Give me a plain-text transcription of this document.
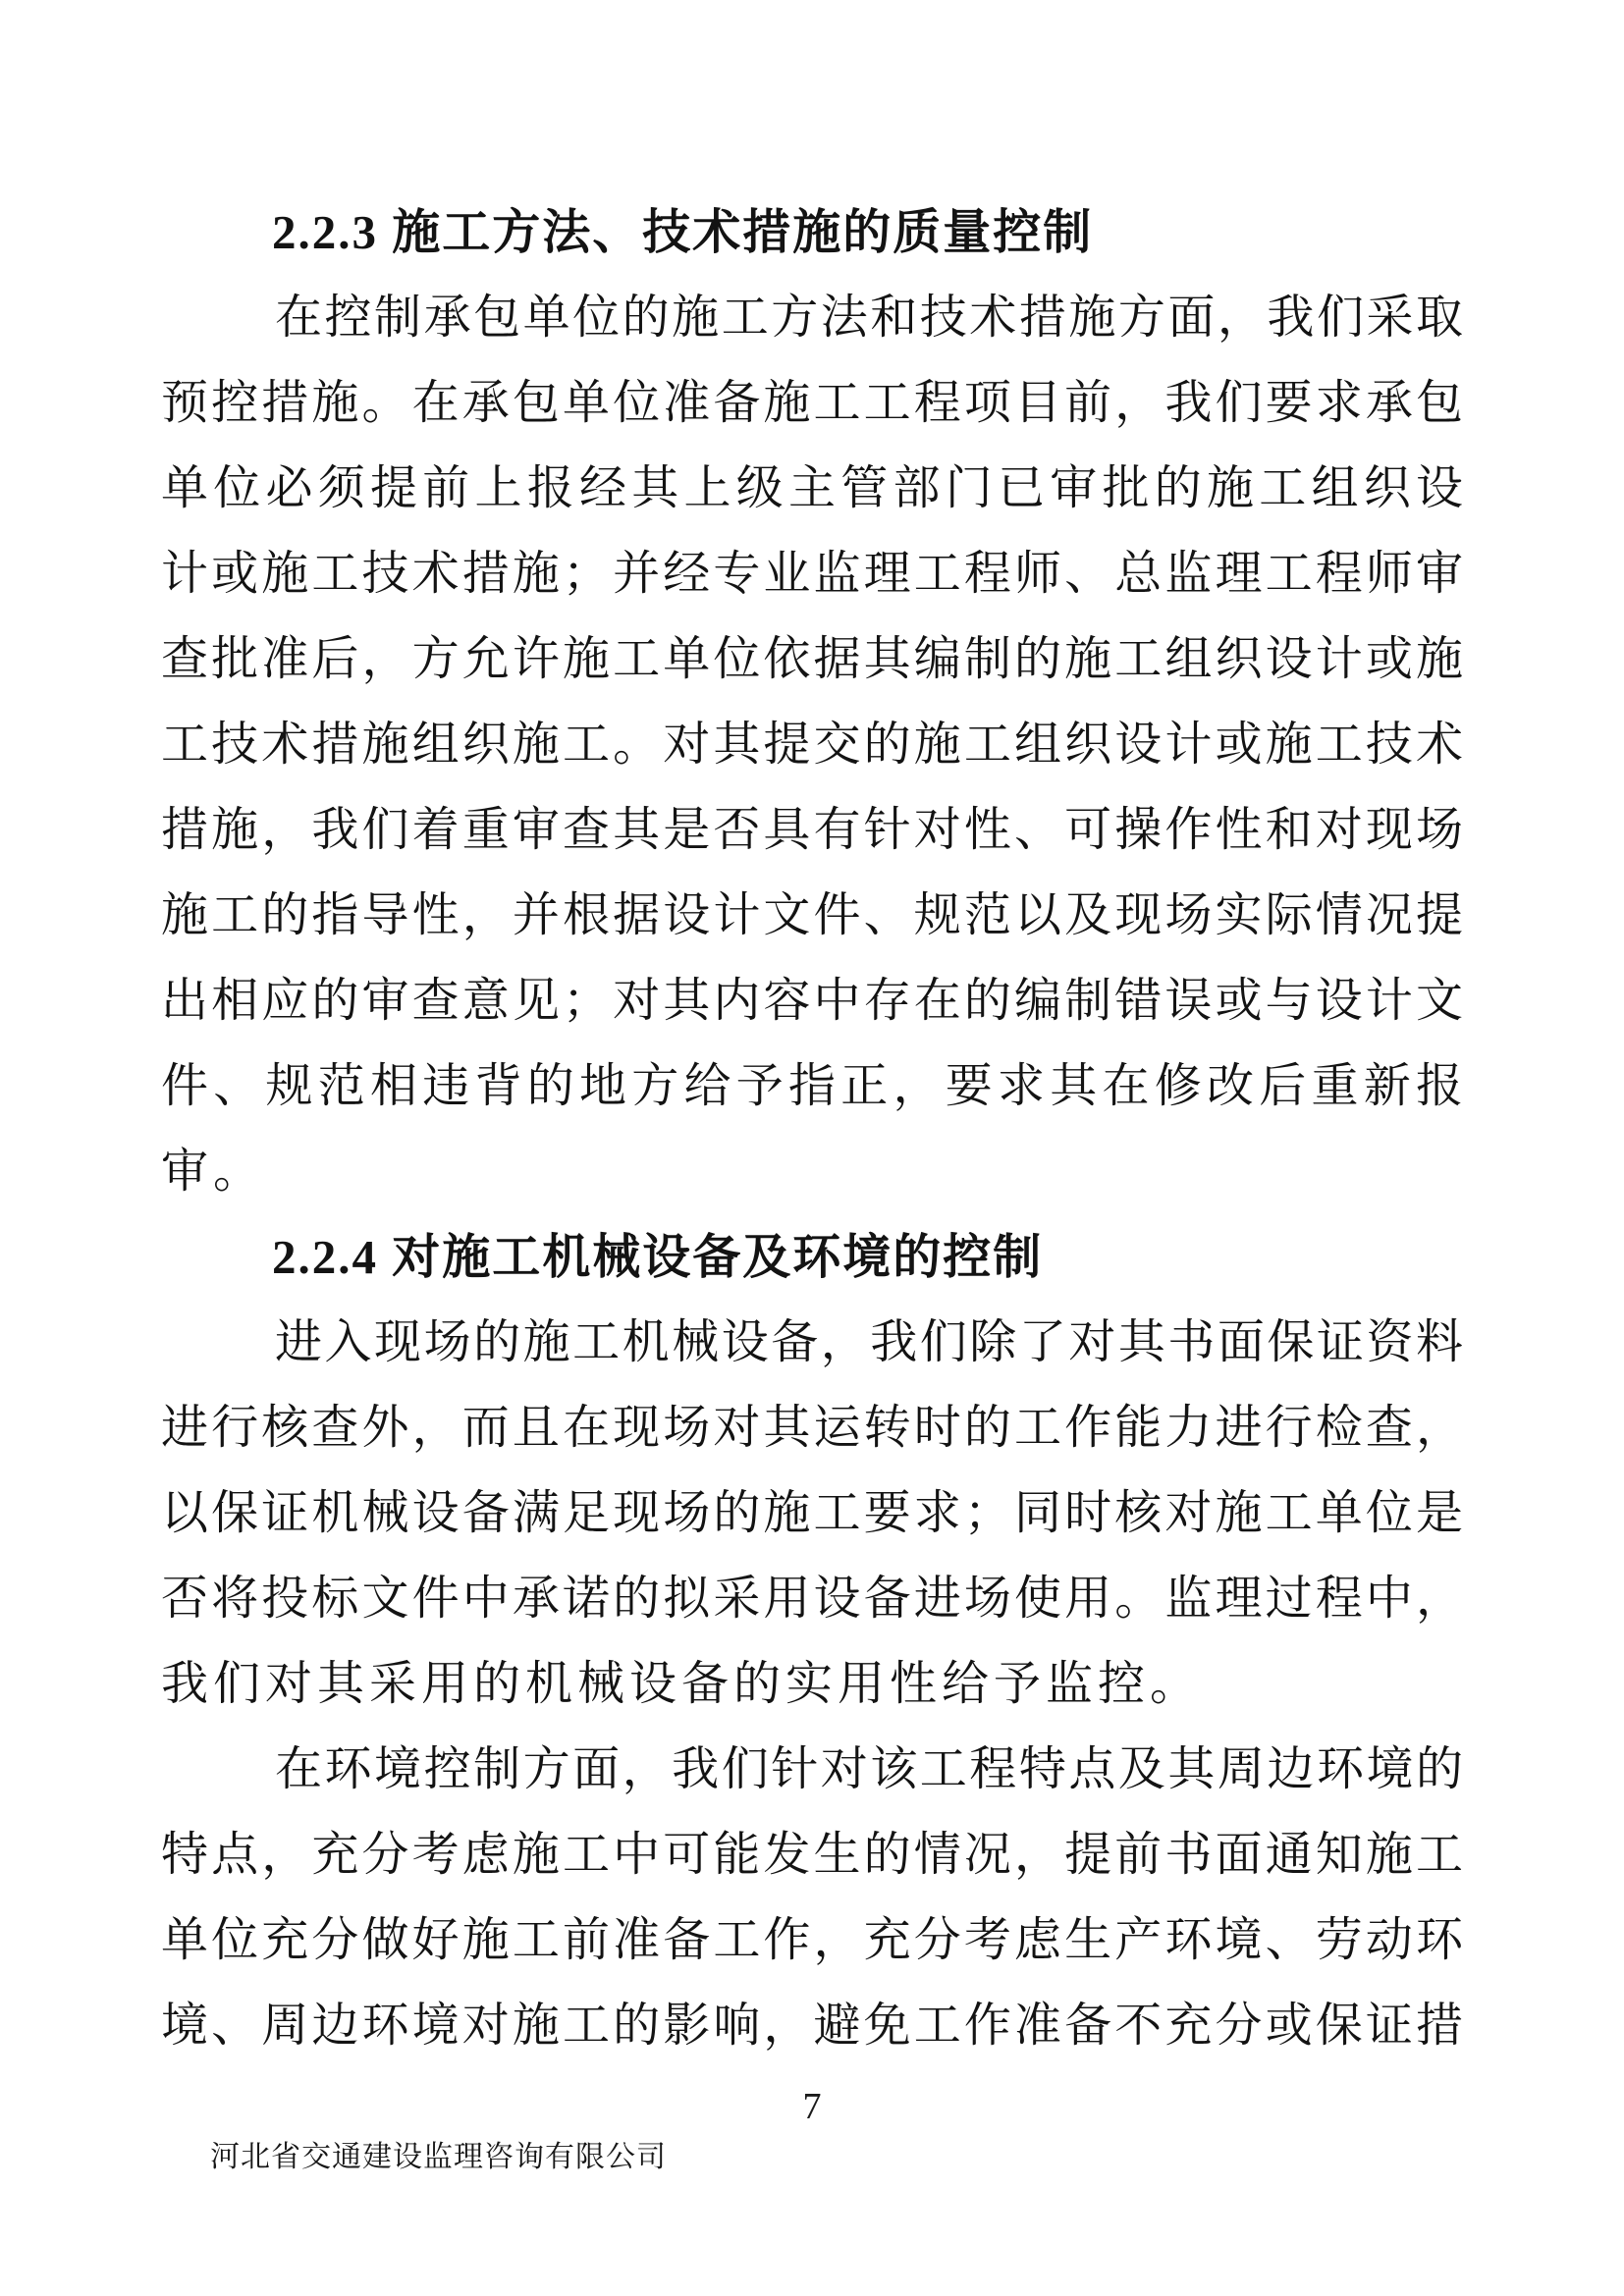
2.2.3 施工方法、技术措施的质量控制
在控制承包单位的施工方法和技术措施方面，我们采取
预控措施。在承包单位准备施工工程项目前，我们要求承包
单位必须提前上报经其上级主管部门已审批的施工组织设
计或施工技术措施；并经专业监理工程师、总监理工程师审
查批准后，方允许施工单位依据其编制的施工组织设计或施
工技术措施组织施工。对其提交的施工组织设计或施工技术
措施，我们着重审查其是否具有针对性、可操作性和对现场
施工的指导性，并根据设计文件、规范以及现场实际情况提
出相应的审查意见；对其内容中存在的编制错误或与设计文
件、规范相违背的地方给予指正，要求其在修改后重新报
审。
2.2.4 对施工机械设备及环境的控制
进入现场的施工机械设备，我们除了对其书面保证资料
进行核查外，而且在现场对其运转时的工作能力进行检查，
以保证机械设备满足现场的施工要求；同时核对施工单位是
否将投标文件中承诺的拟采用设备进场使用。监理过程中，
我们对其采用的机械设备的实用性给予监控。
在环境控制方面，我们针对该工程特点及其周边环境的
特点，充分考虑施工中可能发生的情况，提前书面通知施工
单位充分做好施工前准备工作，充分考虑生产环境、劳动环
境、周边环境对施工的影响，避免工作准备不充分或保证措
7
河北省交通建设监理咨询有限公司
